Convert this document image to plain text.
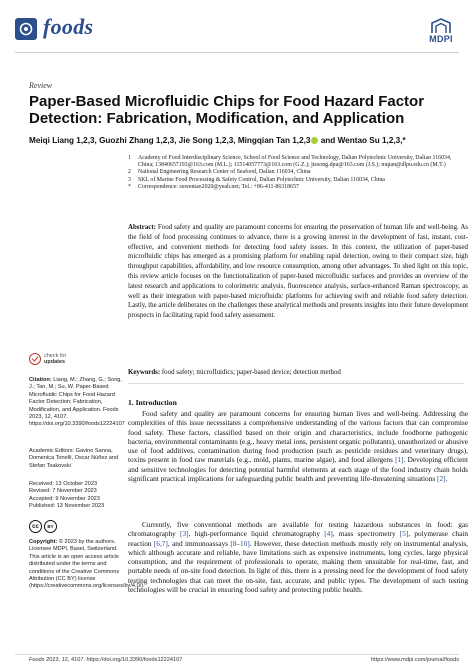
foods	MDPI
Review
Paper-Based Microfluidic Chips for Food Hazard Factor Detection: Fabrication, Modification, and Application
Meiqi Liang 1,2,3, Guozhi Zhang 1,2,3, Jie Song 1,2,3, Mingqian Tan 1,2,3 and Wentao Su 1,2,3,*
1	Academy of Food Interdisciplinary Science, School of Food Science and Technology, Dalian Polytechnic University, Dalian 116034, China; 13840657193@163.com (M.L.); 11514057773@163.com (G.Z.); jiesong.dpu@163.com (J.S.); mqtan@dlpu.edu.cn (M.T.)
2	National Engineering Research Center of Seafood, Dalian 116034, China
3	SKL of Marine Food Processing & Safety Control, Dalian Polytechnic University, Dalian 116034, China
*	Correspondence: suwentao2020@yeah.net; Tel.: +86-411-86318657
Abstract: Food safety and quality are paramount concerns for ensuring the preservation of human life and well-being. As the field of food processing continues to advance, there is a growing interest in the development of fast, instant, cost-effective, and convenient methods for detecting food safety issues. In this context, the utilization of paper-based microfluidic chips has emerged as a promising platform for enabling rapid detection, owing to their compact size, high throughput capabilities, affordability, and low resource consumption, among other advantages. To shed light on this topic, this review article focuses on the functionalization of paper-based microfluidic surfaces and provides an overview of the latest research and applications to colorimetric analysis, fluorescence analysis, surface-enhanced Raman spectroscopy, as well as their integration with paper-based microfluidic platforms for achieving swift and reliable food safety detection. Lastly, the article deliberates on the challenges these analytical methods and presents insights into their future development prospects in facilitating rapid food safety assessment.
Keywords: food safety; microfluidics; paper-based device; detection method
check for
updates
Citation: Liang, M.; Zhang, G.; Song, J.; Tan, M.; Su, W. Paper-Based Microfluidic Chips for Food Hazard Factor Detection: Fabrication, Modification, and Application. Foods 2023, 12, 4107. https://doi.org/10.3390/foods12224107
Academic Editors: Gavino Sanna, Domenica Tonelli, Oscar Núñez and Stefan Tsakovski
Received: 13 October 2023
Revised: 7 November 2023
Accepted: 9 November 2023
Published: 13 November 2023
cc	BY
Copyright: © 2023 by the authors. Licensee MDPI, Basel, Switzerland. This article is an open access article distributed under the terms and conditions of the Creative Commons Attribution (CC BY) license (https://creativecommons.org/licenses/by/4.0/).
1. Introduction
Food safety and quality are paramount concerns for ensuring human lives and well-being. Addressing the complexities of this issue necessitates a comprehensive understanding of the various factors that can compromise food safety. These factors, classified based on their origin and characteristics, include foodborne pathogenic bacteria, environmental contaminants (e.g., heavy metal ions, persistent organic pollutants), unauthorized or abusive use of food additives, contamination during food production (such as pesticide residues and veterinary drugs), toxins present in food raw materials (e.g., mold, plants, marine algae), and food allergens [1]. Developing efficient and sensitive technologies for detecting potential harmful elements at each stage of the food industry chain holds significant practical implications for safeguarding public health and preventing life-threatening situations [2].
Currently, five conventional methods are available for testing hazardous substances in food: gas chromatography [3], high-performance liquid chromatography [4], mass spectrometry [5], polymerase chain reaction [6,7], and immunoassays [8–10]. However, these detection methods mostly rely on instrumental analysis, which although accurate and reliable, have limitations such as expensive instruments, long cycles, large physical consumption, and the requirement of professionals to operate, making them unsuitable for real-time, fast, and portable needs of on-site food detection. In light of this, there is a pressing need for the development of food safety testing technologies that can meet the on-site, fast, accurate, and public types. The development of such testing technologies will be crucial in ensuring food safety and protecting public health.
Foods 2023, 12, 4107. https://doi.org/10.3390/foods12224107	https://www.mdpi.com/journal/foods
